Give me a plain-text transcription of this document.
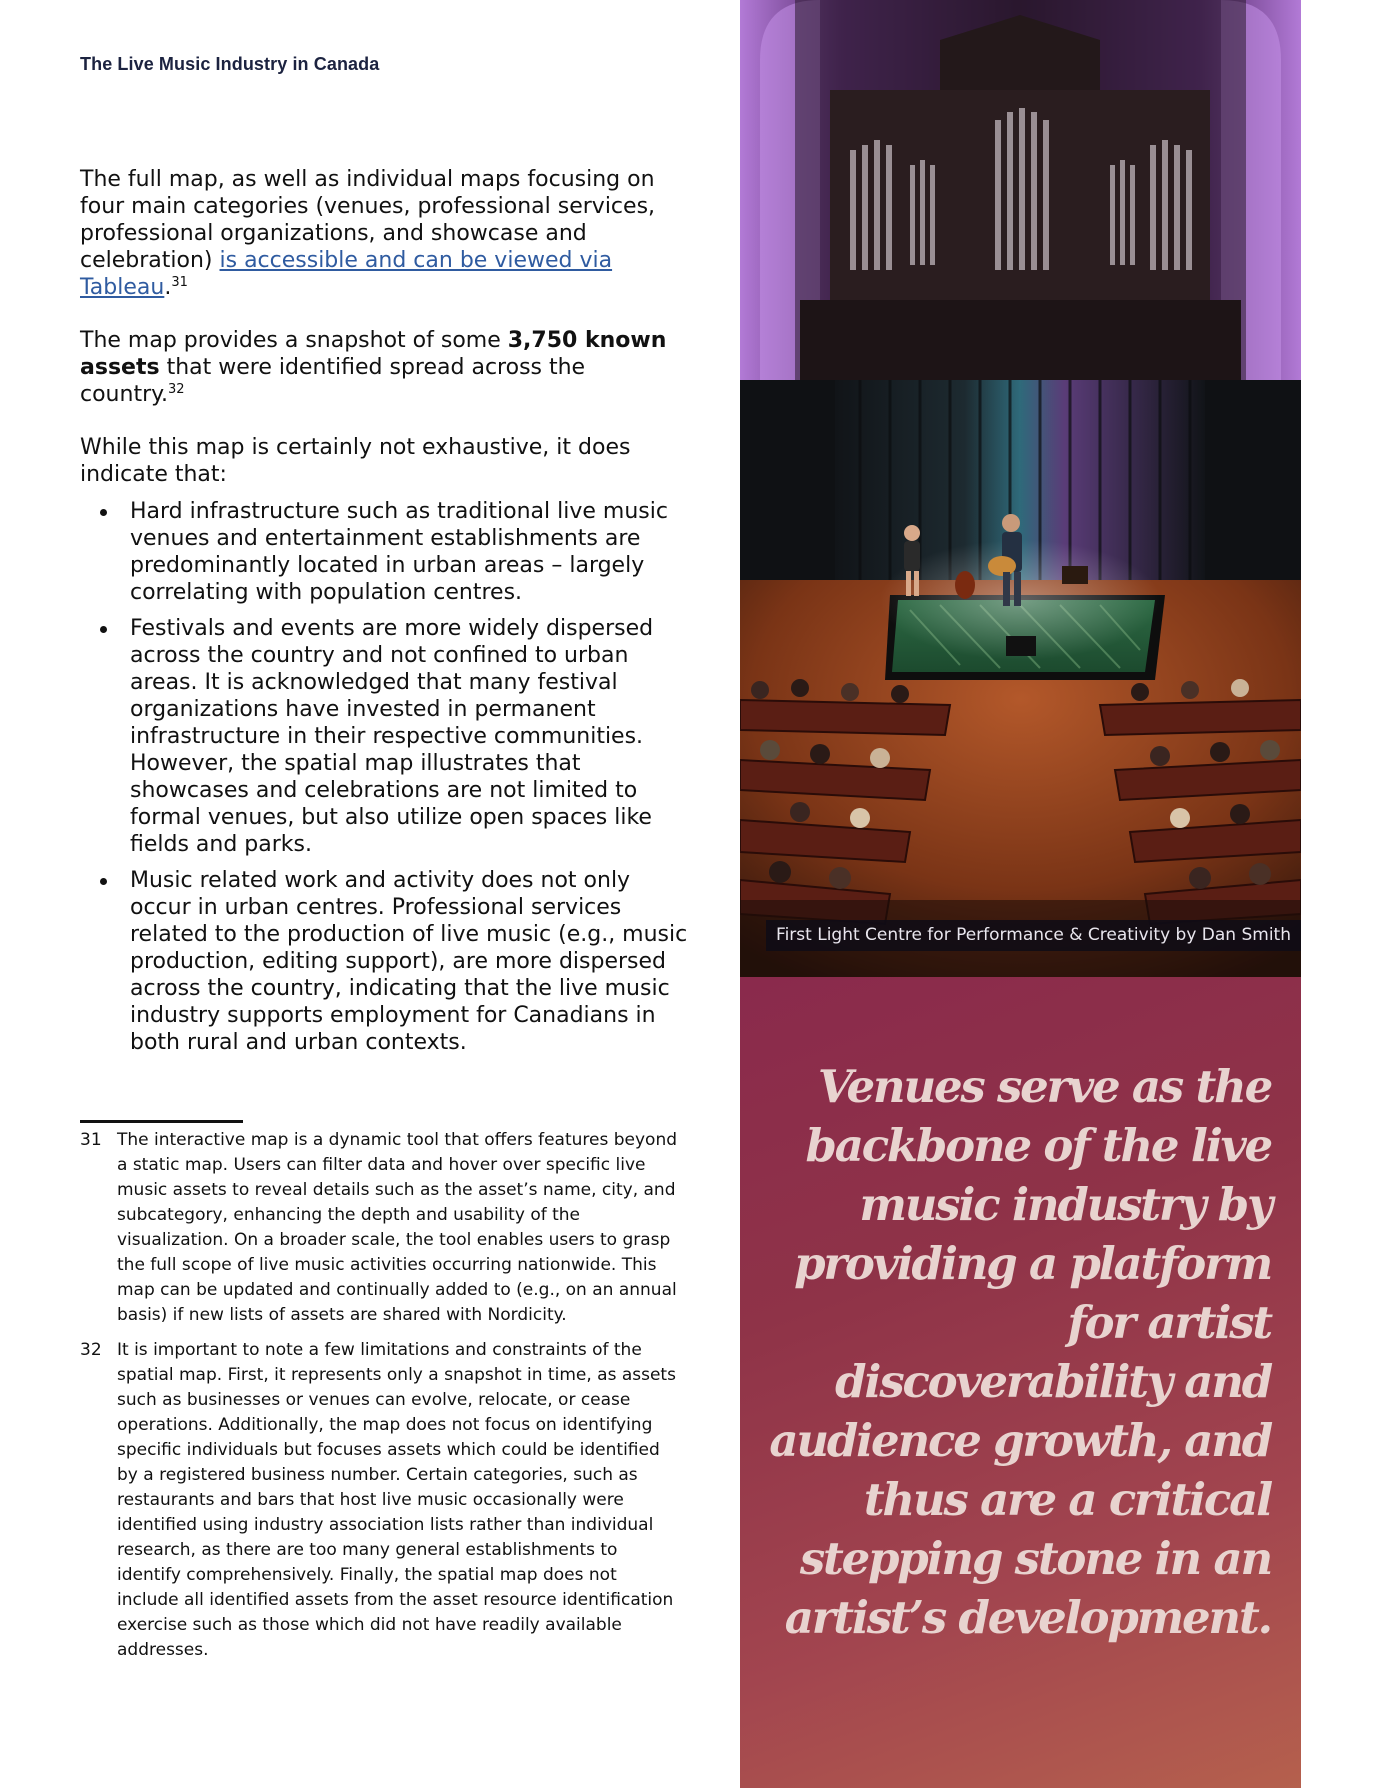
The Live Music Industry in Canada

The full map, as well as individual maps focusing on four main categories (venues, professional services, professional organizations, and showcase and celebration) is accessible and can be viewed via Tableau.$^{31}$

The map provides a snapshot of some 3,750 known assets that were identified spread across the country.$^{32}$

While this map is certainly not exhaustive, it does indicate that:

Hard infrastructure such as traditional live music venues and entertainment establishments are predominantly located in urban areas – largely correlating with population centres.
Festivals and events are more widely dispersed across the country and not confined to urban areas. It is acknowledged that many festival organizations have invested in permanent infrastructure in their respective communities. However, the spatial map illustrates that showcases and celebrations are not limited to formal venues, but also utilize open spaces like fields and parks.
Music related work and activity does not only occur in urban centres. Professional services related to the production of live music (e.g., music production, editing support), are more dispersed across the country, indicating that the live music industry supports employment for Canadians in both rural and urban contexts.
31 The interactive map is a dynamic tool that offers features beyond a static map. Users can filter data and hover over specific live music assets to reveal details such as the asset’s name, city, and subcategory, enhancing the depth and usability of the visualization. On a broader scale, the tool enables users to grasp the full scope of live music activities occurring nationwide. This map can be updated and continually added to (e.g., on an annual basis) if new lists of assets are shared with Nordicity.
32 It is important to note a few limitations and constraints of the spatial map. First, it represents only a snapshot in time, as assets such as businesses or venues can evolve, relocate, or cease operations. Additionally, the map does not focus on identifying specific individuals but focuses assets which could be identified by a registered business number. Certain categories, such as restaurants and bars that host live music occasionally were identified using industry association lists rather than individual research, as there are too many general establishments to identify comprehensively. Finally, the spatial map does not include all identified assets from the asset resource identification exercise such as those which did not have readily available addresses.
First Light Centre for Performance & Creativity by Dan Smith
Venues serve as the backbone of the live music industry by providing a platform for artist discoverability and audience growth, and thus are a critical stepping stone in an artist’s development.
